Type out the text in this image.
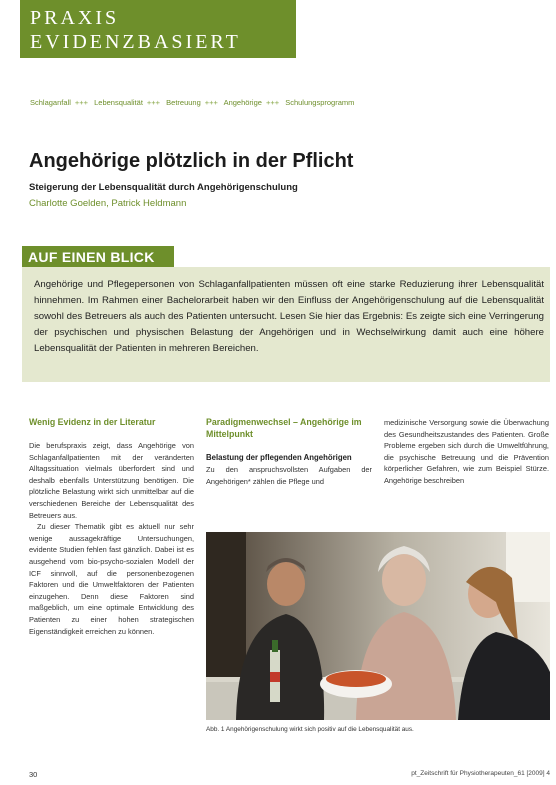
PRAXIS
EVIDENZBASIERT
Schlaganfall +++ Lebensqualität +++ Betreuung +++ Angehörige +++ Schulungsprogramm
Angehörige plötzlich in der Pflicht
Steigerung der Lebensqualität durch Angehörigenschulung
Charlotte Goelden, Patrick Heldmann
AUF EINEN BLICK

Angehörige und Pflegepersonen von Schlaganfallpatienten müssen oft eine starke Reduzierung ihrer Lebensqualität hinnehmen. Im Rahmen einer Bachelorarbeit haben wir den Einfluss der Angehörigenschulung auf die Lebensqualität sowohl des Betreuers als auch des Patienten untersucht. Lesen Sie hier das Ergebnis: Es zeigte sich eine Verringerung der psychischen und physischen Belastung der Angehörigen und in Wechselwirkung damit auch eine höhere Lebensqualität der Patienten in mehreren Bereichen.

Wenig Evidenz in der Literatur

Die berufspraxis zeigt, dass Angehörige von Schlaganfallpatienten mit der veränderten Alltagssituation vielmals überfordert sind und deshalb ebenfalls Unterstützung benötigen. Die plötzliche Belastung wirkt sich unmittelbar auf die verschiedenen Bereiche der Lebensqualität des Betreuers aus.

Zu dieser Thematik gibt es aktuell nur sehr wenige aussagekräftige Untersuchungen, evidente Studien fehlen fast gänzlich. Dabei ist es ausgehend vom bio-psycho-sozialen Modell der ICF sinnvoll, auf die personenbezogenen Faktoren und die Umweltfaktoren der Patienten einzugehen. Denn diese Faktoren sind maßgeblich, um eine optimale Entwicklung des Patienten zu einer hohen strategischen Eigenständigkeit erreichen zu können.

Paradigmenwechsel – Angehörige im Mittelpunkt
Belastung der pflegenden Angehörigen

Zu den anspruchsvollsten Aufgaben der Angehörigen* zählen die Pflege und

medizinische Versorgung sowie die Überwachung des Gesundheitszustandes des Patienten. Große Probleme ergeben sich durch die Umweltführung, die psychische Betreuung und die Prävention körperlicher Gefahren, wie zum Beispiel Stürze. Angehörige beschreiben

Abb. 1 Angehörigenschulung wirkt sich positiv auf die Lebensqualität aus.
30	pt_Zeitschrift für Physiotherapeuten_61 [2009] 4
